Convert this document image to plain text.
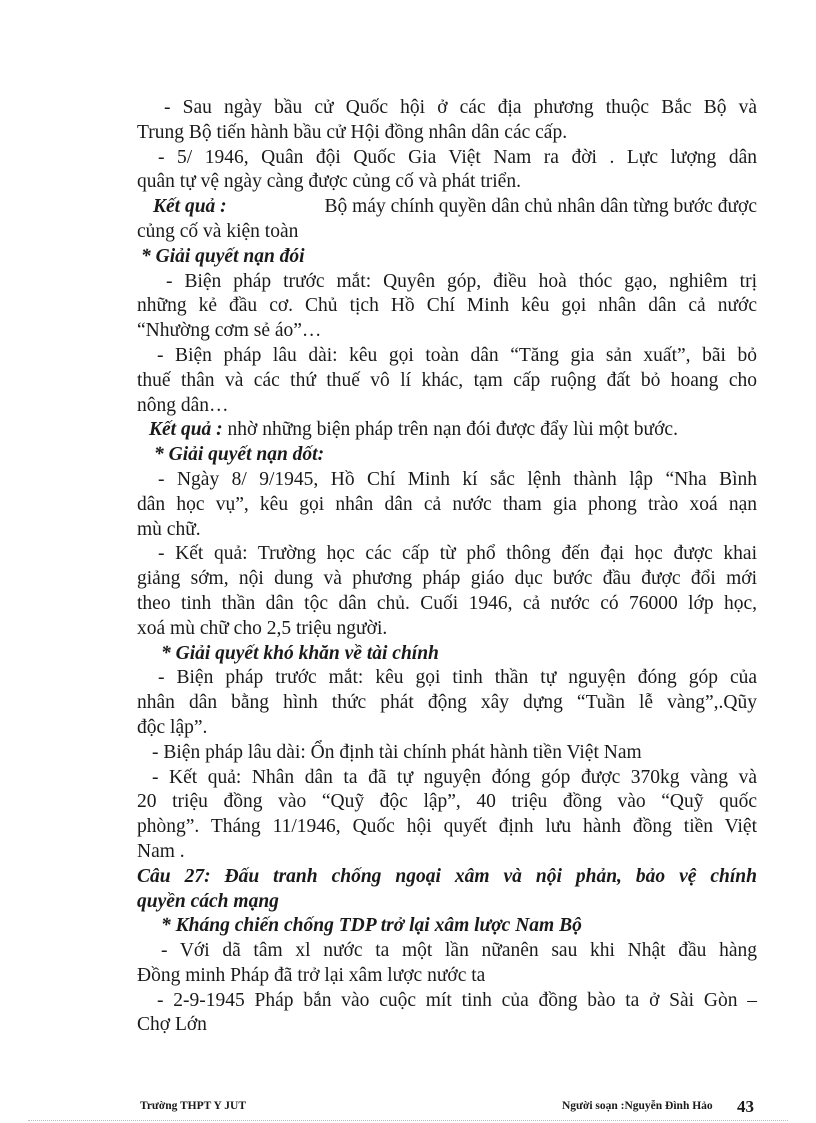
- Sau ngày bầu cử Quốc hội ở các địa phương thuộc Bắc Bộ và
Trung Bộ tiến hành bầu cử Hội đồng nhân dân các cấp.
- 5/ 1946, Quân đội Quốc Gia Việt Nam ra đời . Lực lượng dân
quân tự vệ ngày càng được củng cố và phát triển.
Kết quả :	Bộ máy chính quyền dân chủ nhân dân từng bước được
củng cố và kiện toàn
* Giải quyết nạn đói
- Biện pháp trước mắt: Quyên góp, điều hoà thóc gạo, nghiêm trị
những kẻ đầu cơ. Chủ tịch Hồ Chí Minh kêu gọi nhân dân cả nước
“Nhường cơm sẻ áo”…
- Biện pháp lâu dài: kêu gọi toàn dân “Tăng gia sản xuất”, bãi bỏ
thuế thân và các thứ thuế vô lí khác, tạm cấp ruộng đất bỏ hoang cho
nông dân…
Kết quả : nhờ những biện pháp trên nạn đói được đẩy lùi một bước.
* Giải quyết nạn dốt:
- Ngày 8/ 9/1945, Hồ Chí Minh kí sắc lệnh thành lập “Nha Bình
dân học vụ”, kêu gọi nhân dân cả nước tham gia phong trào xoá nạn
mù chữ.
- Kết quả: Trường học các cấp từ phổ thông đến đại học được khai
giảng sớm, nội dung và phương pháp giáo dục bước đầu được đổi mới
theo tinh thần dân tộc dân chủ. Cuối 1946, cả nước có 76000 lớp học,
xoá mù chữ cho 2,5 triệu người.
* Giải quyết khó khăn về tài chính
- Biện pháp trước mắt: kêu gọi tinh thần tự nguyện đóng góp của
nhân dân bằng hình thức phát động xây dựng “Tuần lễ vàng”,.Qũy
độc lập”.
- Biện pháp lâu dài: Ổn định tài chính phát hành tiền Việt Nam
- Kết quả: Nhân dân ta đã tự nguyện đóng góp được 370kg vàng và
20 triệu đồng vào “Quỹ độc lập”, 40 triệu đồng vào “Quỹ quốc
phòng”. Tháng 11/1946, Quốc hội quyết định lưu hành đồng tiền Việt
Nam .
Câu 27: Đấu tranh chống ngoại xâm và nội phản, bảo vệ chính
quyền cách mạng
* Kháng chiến chống TDP trở lại xâm lược Nam Bộ
- Với dã tâm xl nước ta một lần nữanên sau khi Nhật đầu hàng
Đồng minh Pháp đã trở lại xâm lược nước ta
- 2-9-1945 Pháp bắn vào cuộc mít tinh của đồng bào ta ở Sài Gòn –
Chợ Lớn
Trường THPT Y JUT	Người soạn :Nguyễn Đình Hảo 43
